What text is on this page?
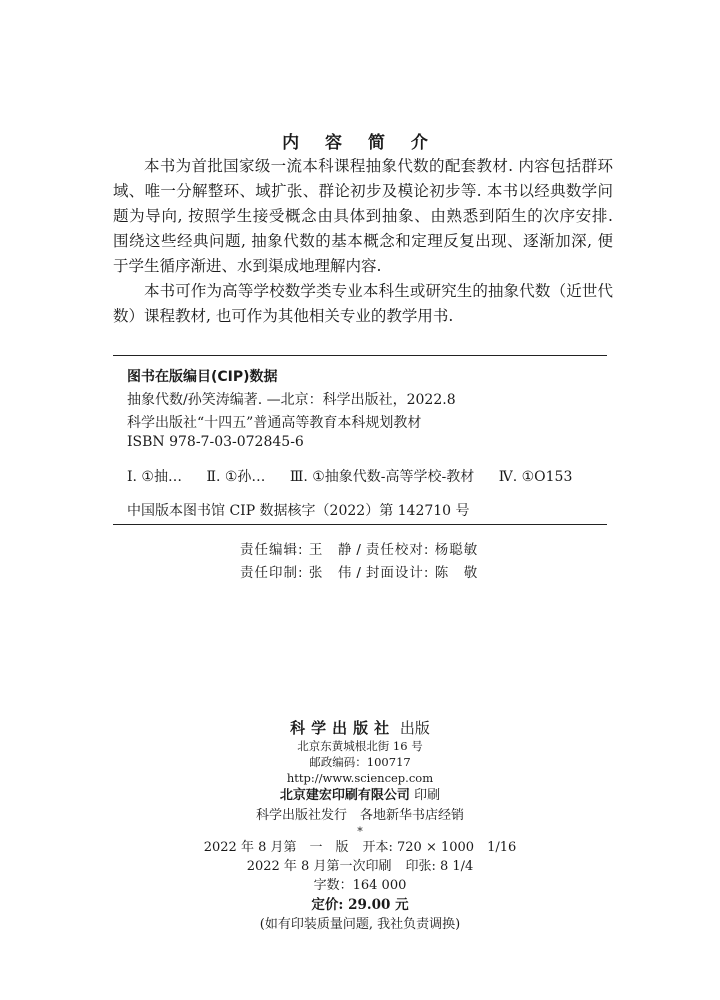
内 容 简 介

本书为首批国家级一流本科课程抽象代数的配套教材. 内容包括群环域、唯一分解整环、域扩张、群论初步及模论初步等. 本书以经典数学问题为导向, 按照学生接受概念由具体到抽象、由熟悉到陌生的次序安排. 围绕这些经典问题, 抽象代数的基本概念和定理反复出现、逐渐加深, 便于学生循序渐进、水到渠成地理解内容.

本书可作为高等学校数学类专业本科生或研究生的抽象代数（近世代数）课程教材, 也可作为其他相关专业的教学用书.

图书在版编目(CIP)数据
抽象代数/孙笑涛编著. —北京：科学出版社，2022.8
科学出版社“十四五”普通高等教育本科规划教材
ISBN 978-7-03-072845-6
Ⅰ. ①抽… Ⅱ. ①孙… Ⅲ. ①抽象代数-高等学校-教材 Ⅳ. ①O153
中国版本图书馆 CIP 数据核字（2022）第 142710 号
责任编辑: 王　静 / 责任校对: 杨聪敏
责任印制: 张　伟 / 封面设计: 陈　敬
科学出版社 出版
北京东黄城根北街 16 号
邮政编码：100717
http://www.sciencep.com
北京建宏印刷有限公司 印刷
科学出版社发行　各地新华书店经销
*
2022 年 8 月第　一　版 开本: 720 × 1000　1/16
2022 年 8 月第一次印刷 印张: 8 1/4
字数：164 000
定价: 29.00 元
(如有印装质量问题, 我社负责调换)
